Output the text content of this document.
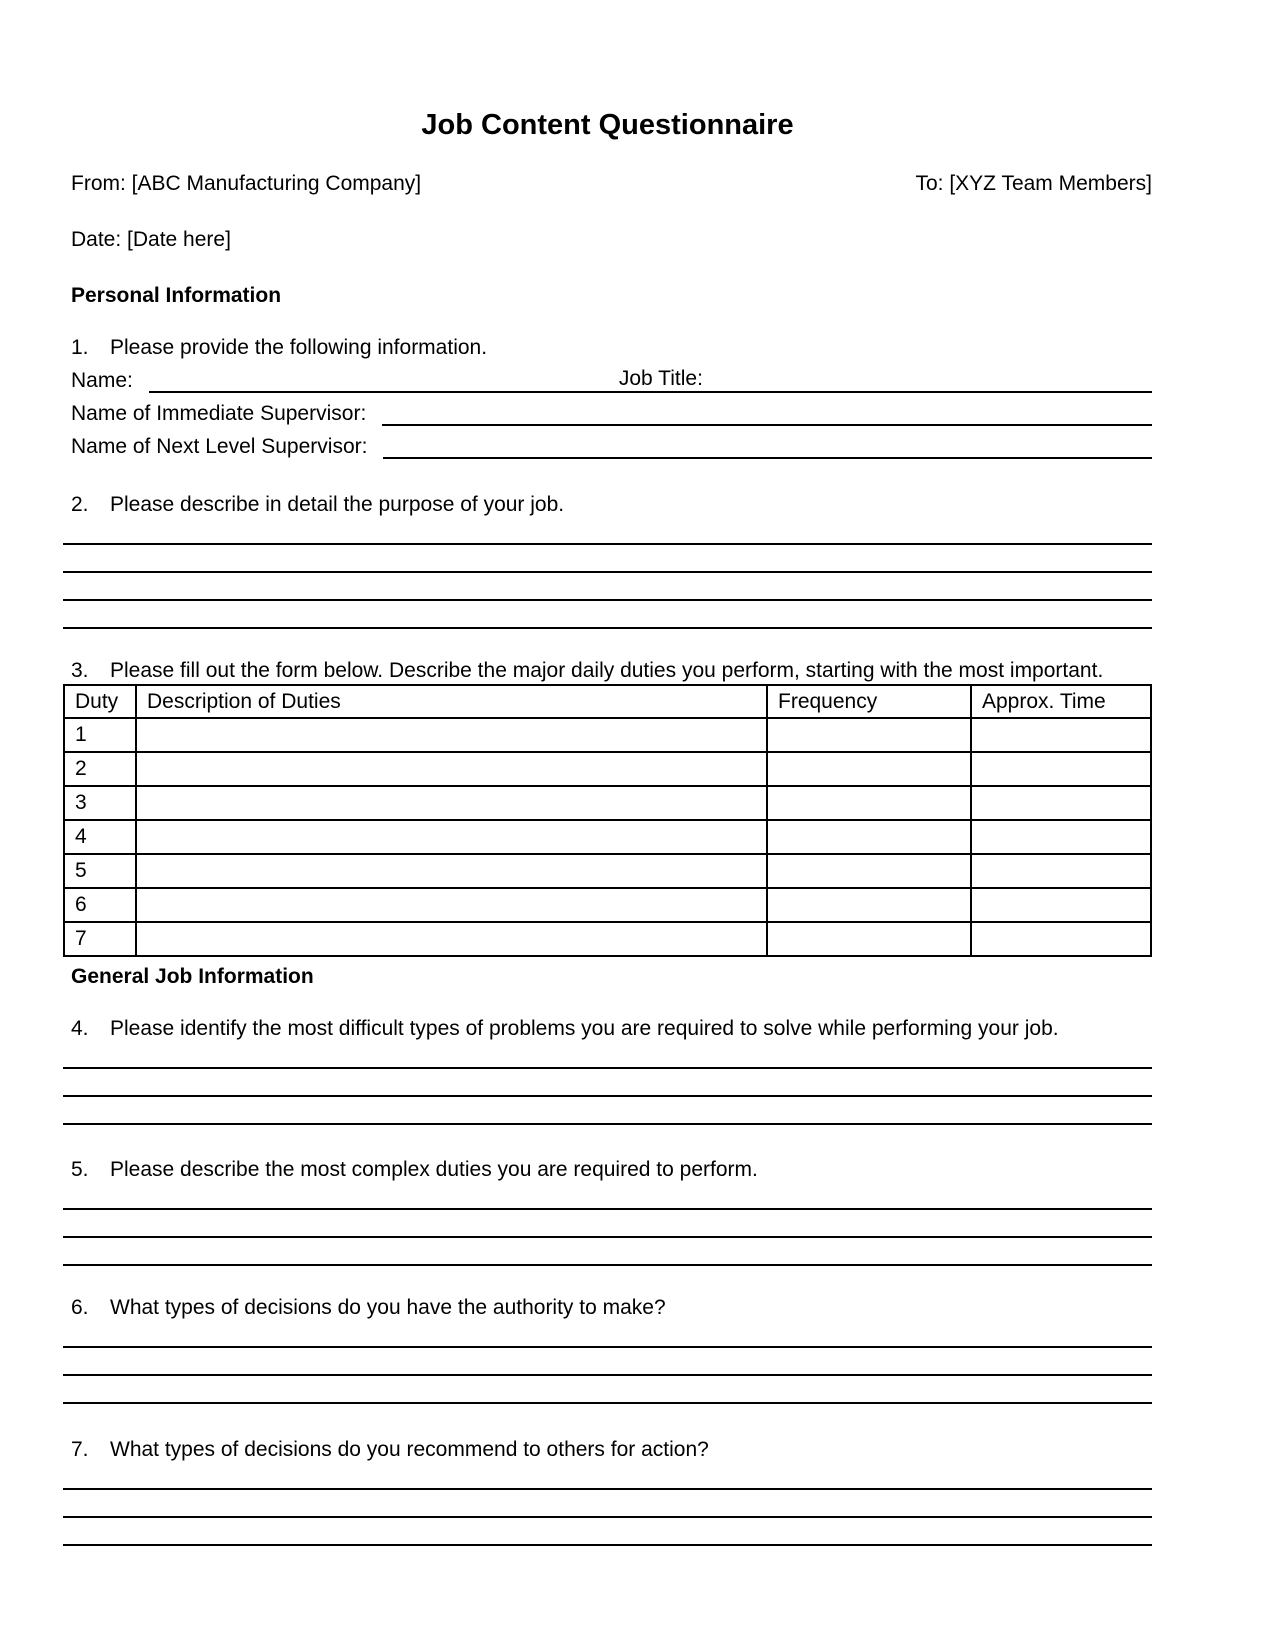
Job Content Questionnaire
From: [ABC Manufacturing Company]	To: [XYZ Team Members]
Date: [Date here]
Personal Information
1.	Please provide the following information.
Name:	Job Title:
Name of Immediate Supervisor:
Name of Next Level Supervisor:
2.	Please describe in detail the purpose of your job.
3.	Please fill out the form below. Describe the major daily duties you perform, starting with the most important.
Duty	Description of Duties	Frequency	Approx. Time
1			
2			
3			
4			
5			
6			
7			
General Job Information
4.	Please identify the most difficult types of problems you are required to solve while performing your job.
5.	Please describe the most complex duties you are required to perform.
6.	What types of decisions do you have the authority to make?
7.	What types of decisions do you recommend to others for action?
